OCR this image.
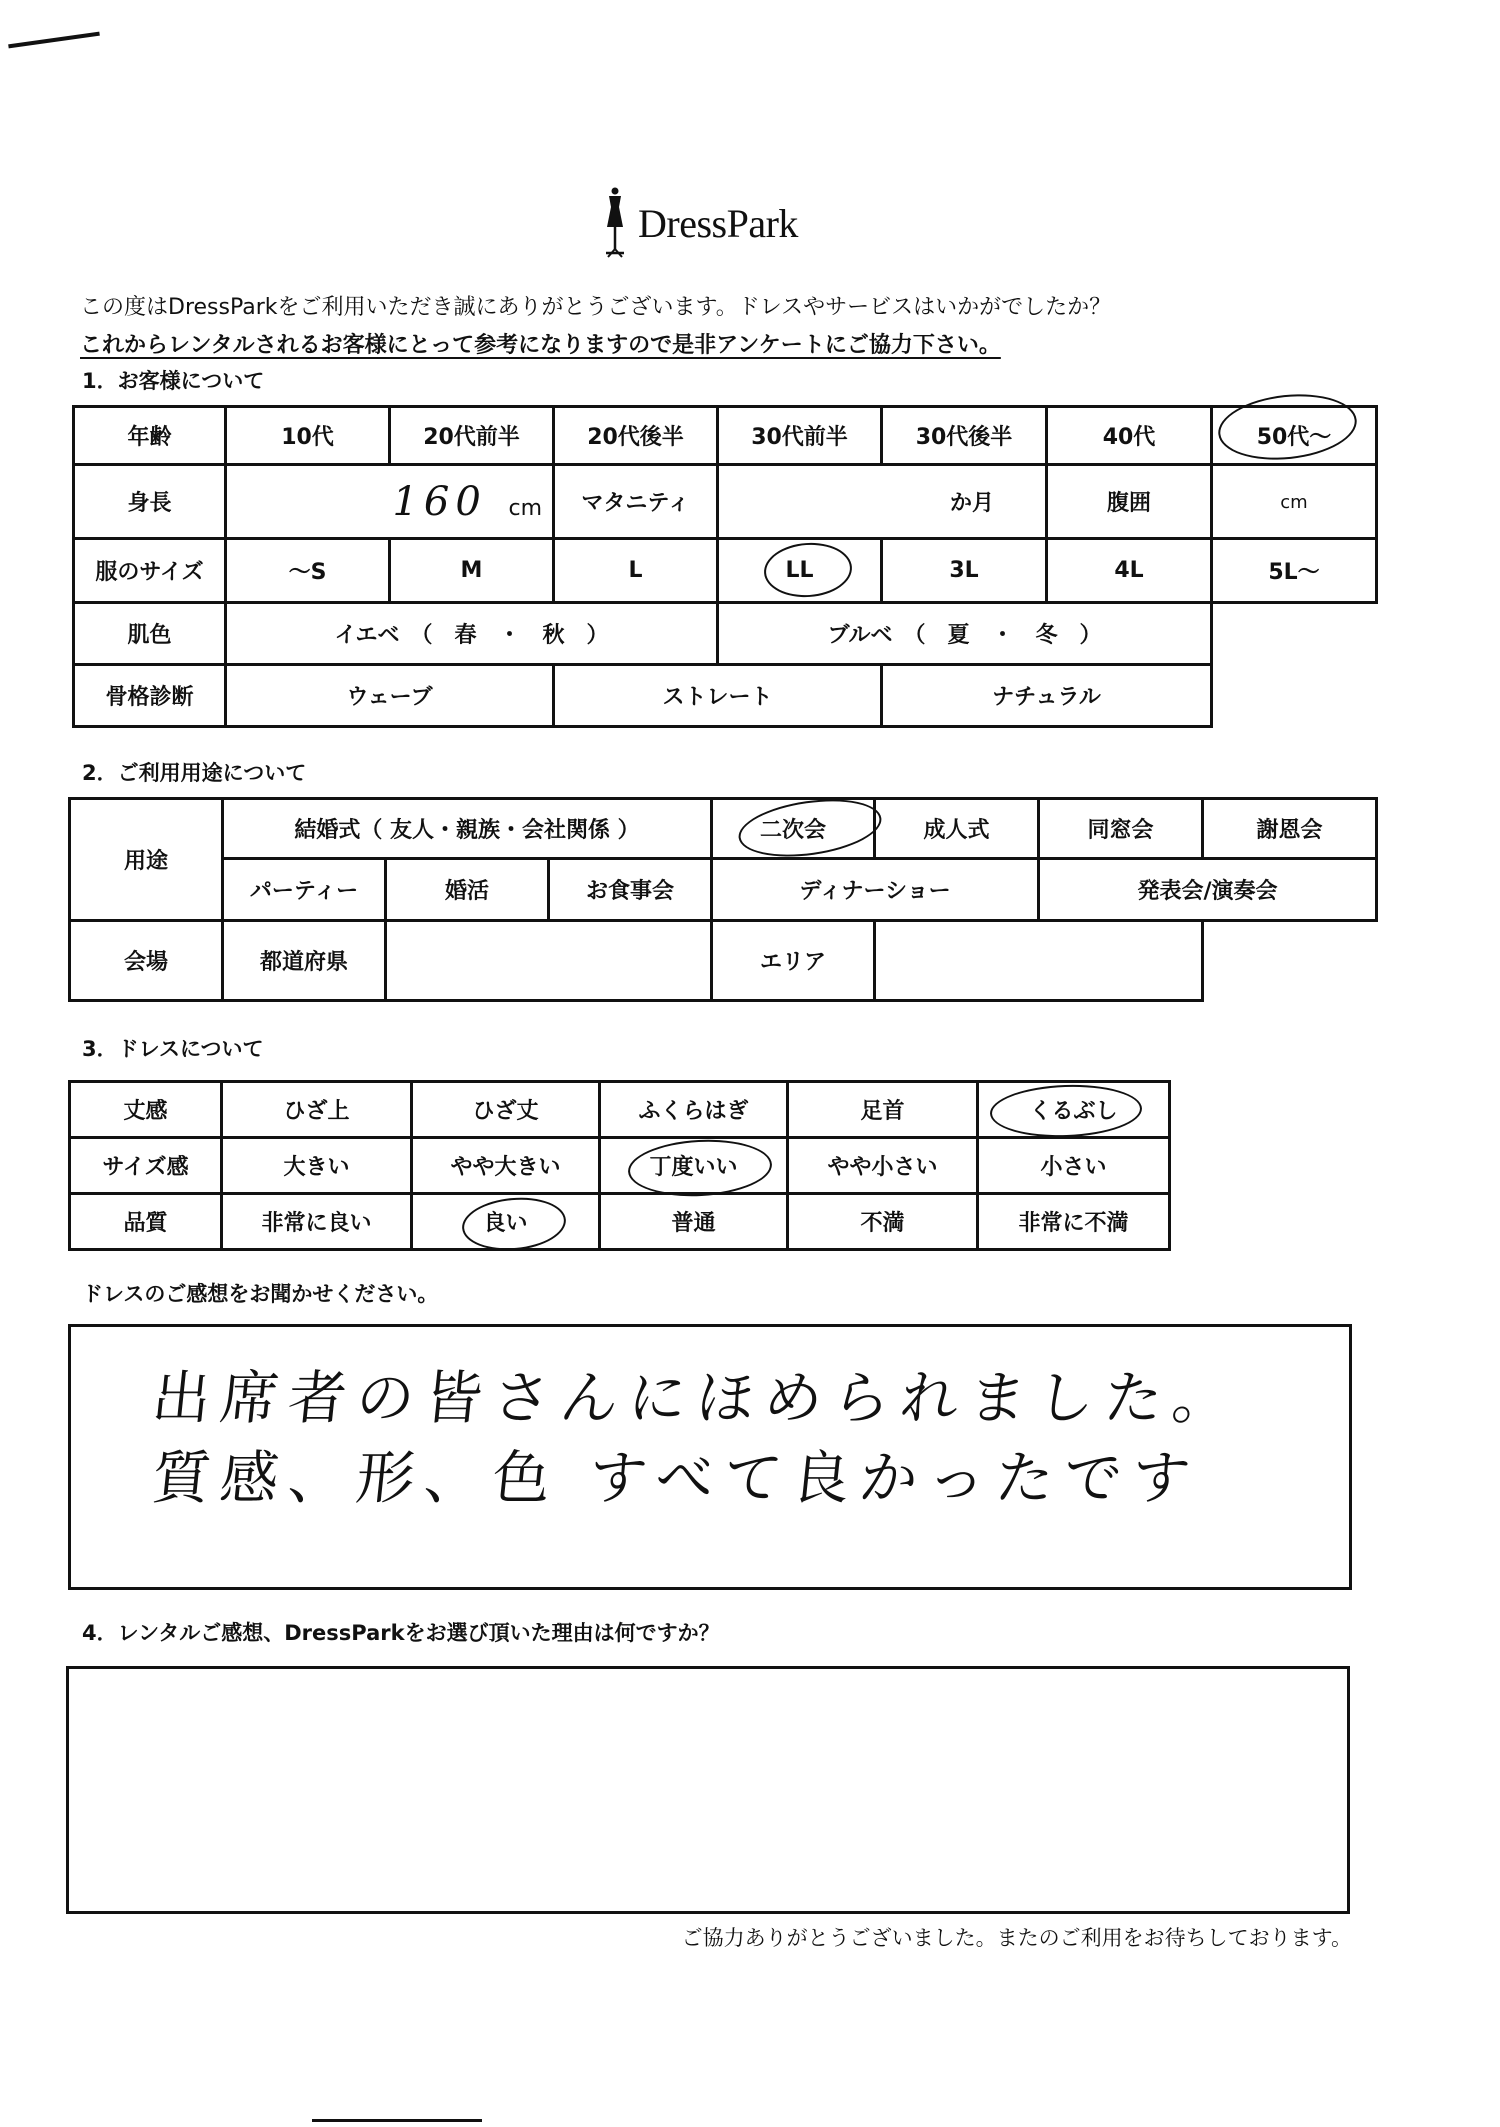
DressPark
この度はDressParkをご利用いただき誠にありがとうございます。ドレスやサービスはいかがでしたか？
これからレンタルされるお客様にとって参考になりますので是非アンケートにご協力下さい。
1．お客様について
年齢	10代	20代前半	20代後半	30代前半	30代後半	40代	50代～
身長	160 cm		マタニティ	か月		腹囲	cm
服のサイズ	～S	M	L	LL	3L	4L	5L～
肌色	イエベ　（　春　・　秋　）			ブルベ　（　夏　・　冬　）			
骨格診断	ウェーブ		ストレート		ナチュラル		
2．ご利用用途について
用途	結婚式（ 友人・親族・会社関係 ）			二次会	成人式	同窓会	謝恩会
	パーティー	婚活	お食事会	ディナーショー		発表会/演奏会	
会場	都道府県			エリア			
3．ドレスについて
丈感	ひざ上	ひざ丈	ふくらはぎ	足首	くるぶし
サイズ感	大きい	やや大きい	丁度いい	やや小さい	小さい
品質	非常に良い	良い	普通	不満	非常に不満
ドレスのご感想をお聞かせください。
出席者の皆さんにほめられました。
質感、形、色 すべて良かったです
4．レンタルご感想、DressParkをお選び頂いた理由は何ですか？
ご協力ありがとうございました。またのご利用をお待ちしております。
